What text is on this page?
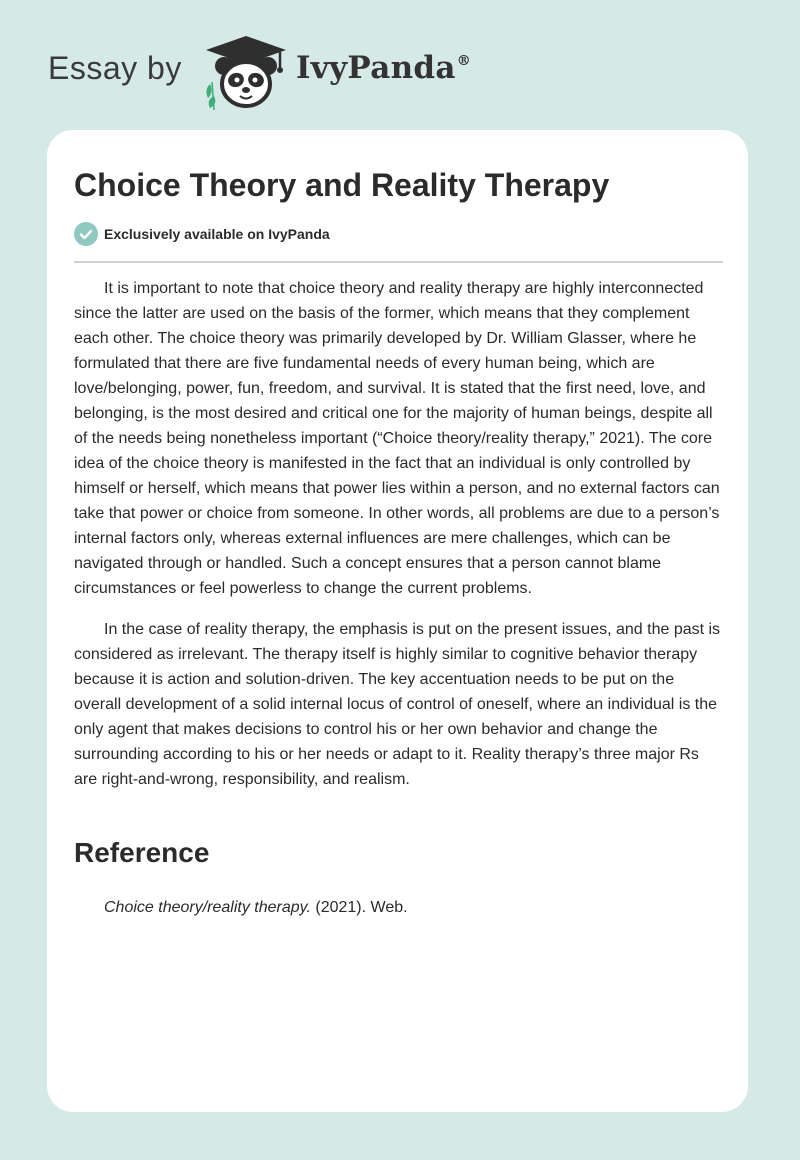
Essay by	IvyPanda®
Choice Theory and Reality Therapy
Exclusively available on IvyPanda

It is important to note that choice theory and reality therapy are highly interconnected since the latter are used on the basis of the former, which means that they complement each other. The choice theory was primarily developed by Dr. William Glasser, where he formulated that there are five fundamental needs of every human being, which are love/belonging, power, fun, freedom, and survival. It is stated that the first need, love, and belonging, is the most desired and critical one for the majority of human beings, despite all of the needs being nonetheless important (“Choice theory/reality therapy,” 2021). The core idea of the choice theory is manifested in the fact that an individual is only controlled by himself or herself, which means that power lies within a person, and no external factors can take that power or choice from someone. In other words, all problems are due to a person’s internal factors only, whereas external influences are mere challenges, which can be navigated through or handled. Such a concept ensures that a person cannot blame circumstances or feel powerless to change the current problems.

In the case of reality therapy, the emphasis is put on the present issues, and the past is considered as irrelevant. The therapy itself is highly similar to cognitive behavior therapy because it is action and solution-driven. The key accentuation needs to be put on the overall development of a solid internal locus of control of oneself, where an individual is the only agent that makes decisions to control his or her own behavior and change the surrounding according to his or her needs or adapt to it. Reality therapy’s three major Rs are right-and-wrong, responsibility, and realism.

Reference
Choice theory/reality therapy. (2021). Web.
